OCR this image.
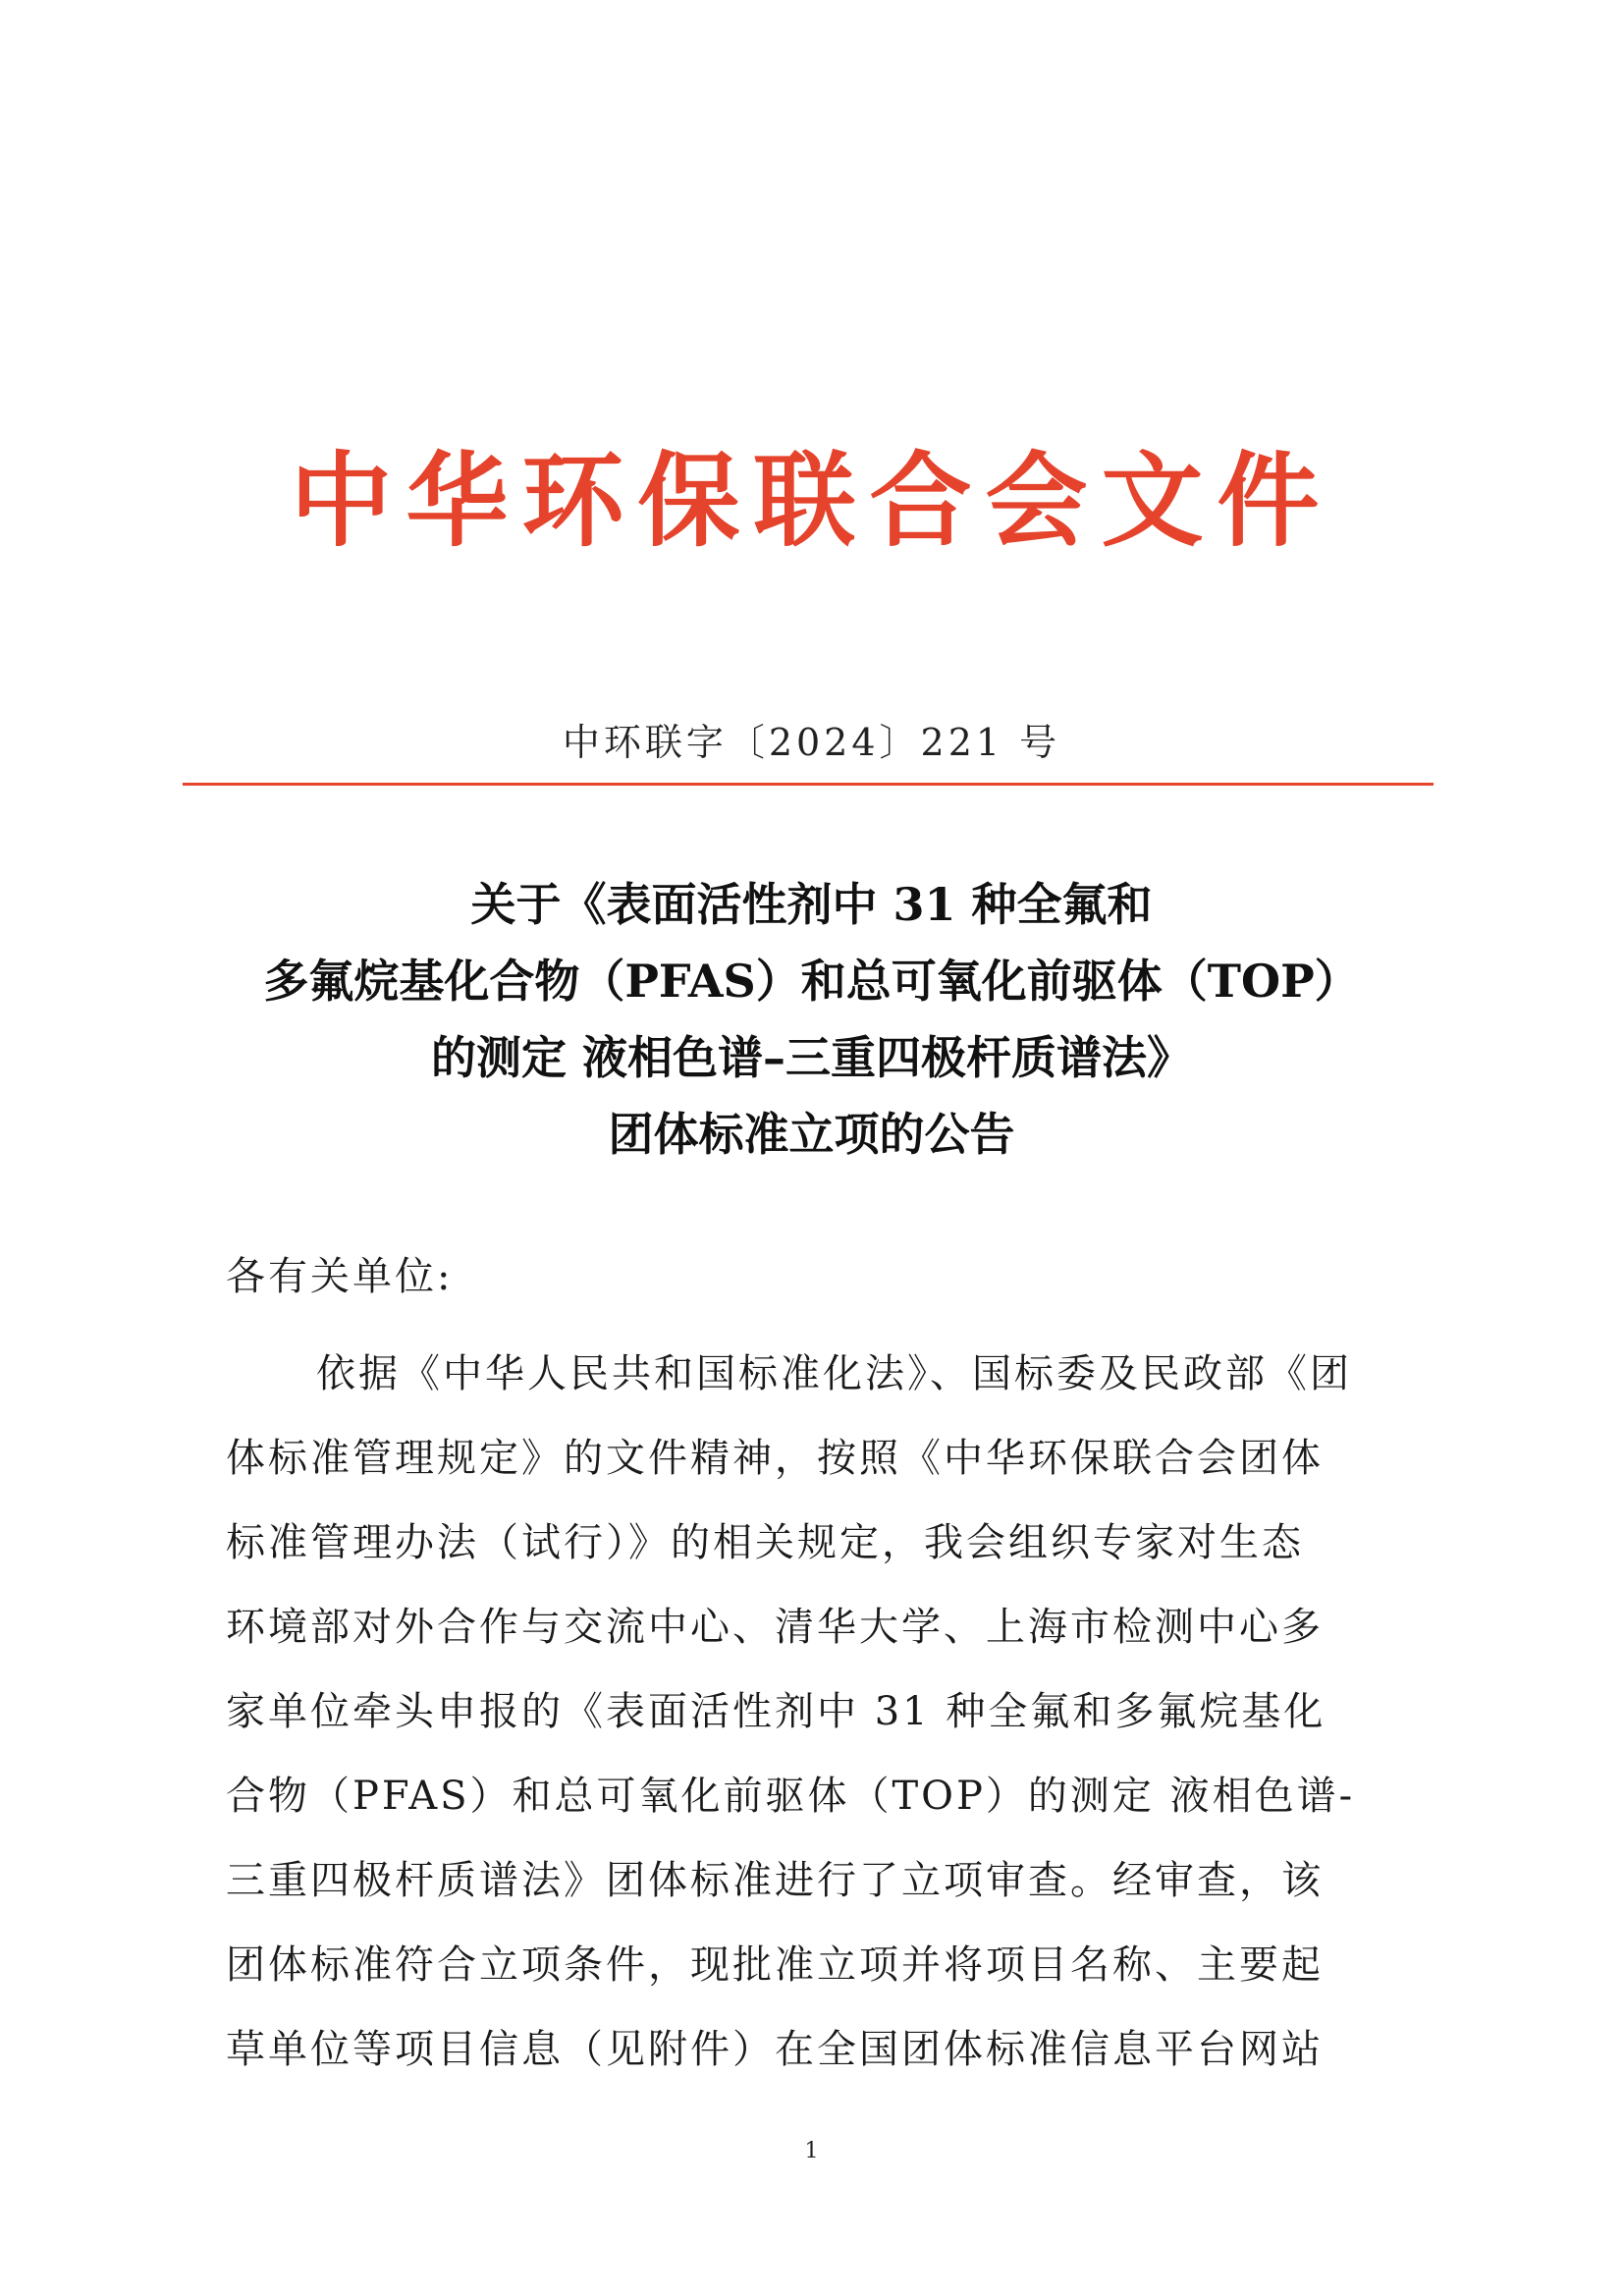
中华环保联合会文件
中环联字〔2024〕221 号
关于《表面活性剂中 31 种全氟和
多氟烷基化合物（PFAS）和总可氧化前驱体（TOP）
的测定 液相色谱–三重四极杆质谱法》
团体标准立项的公告
各有关单位:
依据《中华人民共和国标准化法》、国标委及民政部《团
体标准管理规定》的文件精神，按照《中华环保联合会团体
标准管理办法（试行）》的相关规定，我会组织专家对生态
环境部对外合作与交流中心、清华大学、上海市检测中心多
家单位牵头申报的《表面活性剂中 31 种全氟和多氟烷基化
合物（PFAS）和总可氧化前驱体（TOP）的测定 液相色谱-
三重四极杆质谱法》团体标准进行了立项审查。经审查，该
团体标准符合立项条件，现批准立项并将项目名称、主要起
草单位等项目信息（见附件）在全国团体标准信息平台网站
1
